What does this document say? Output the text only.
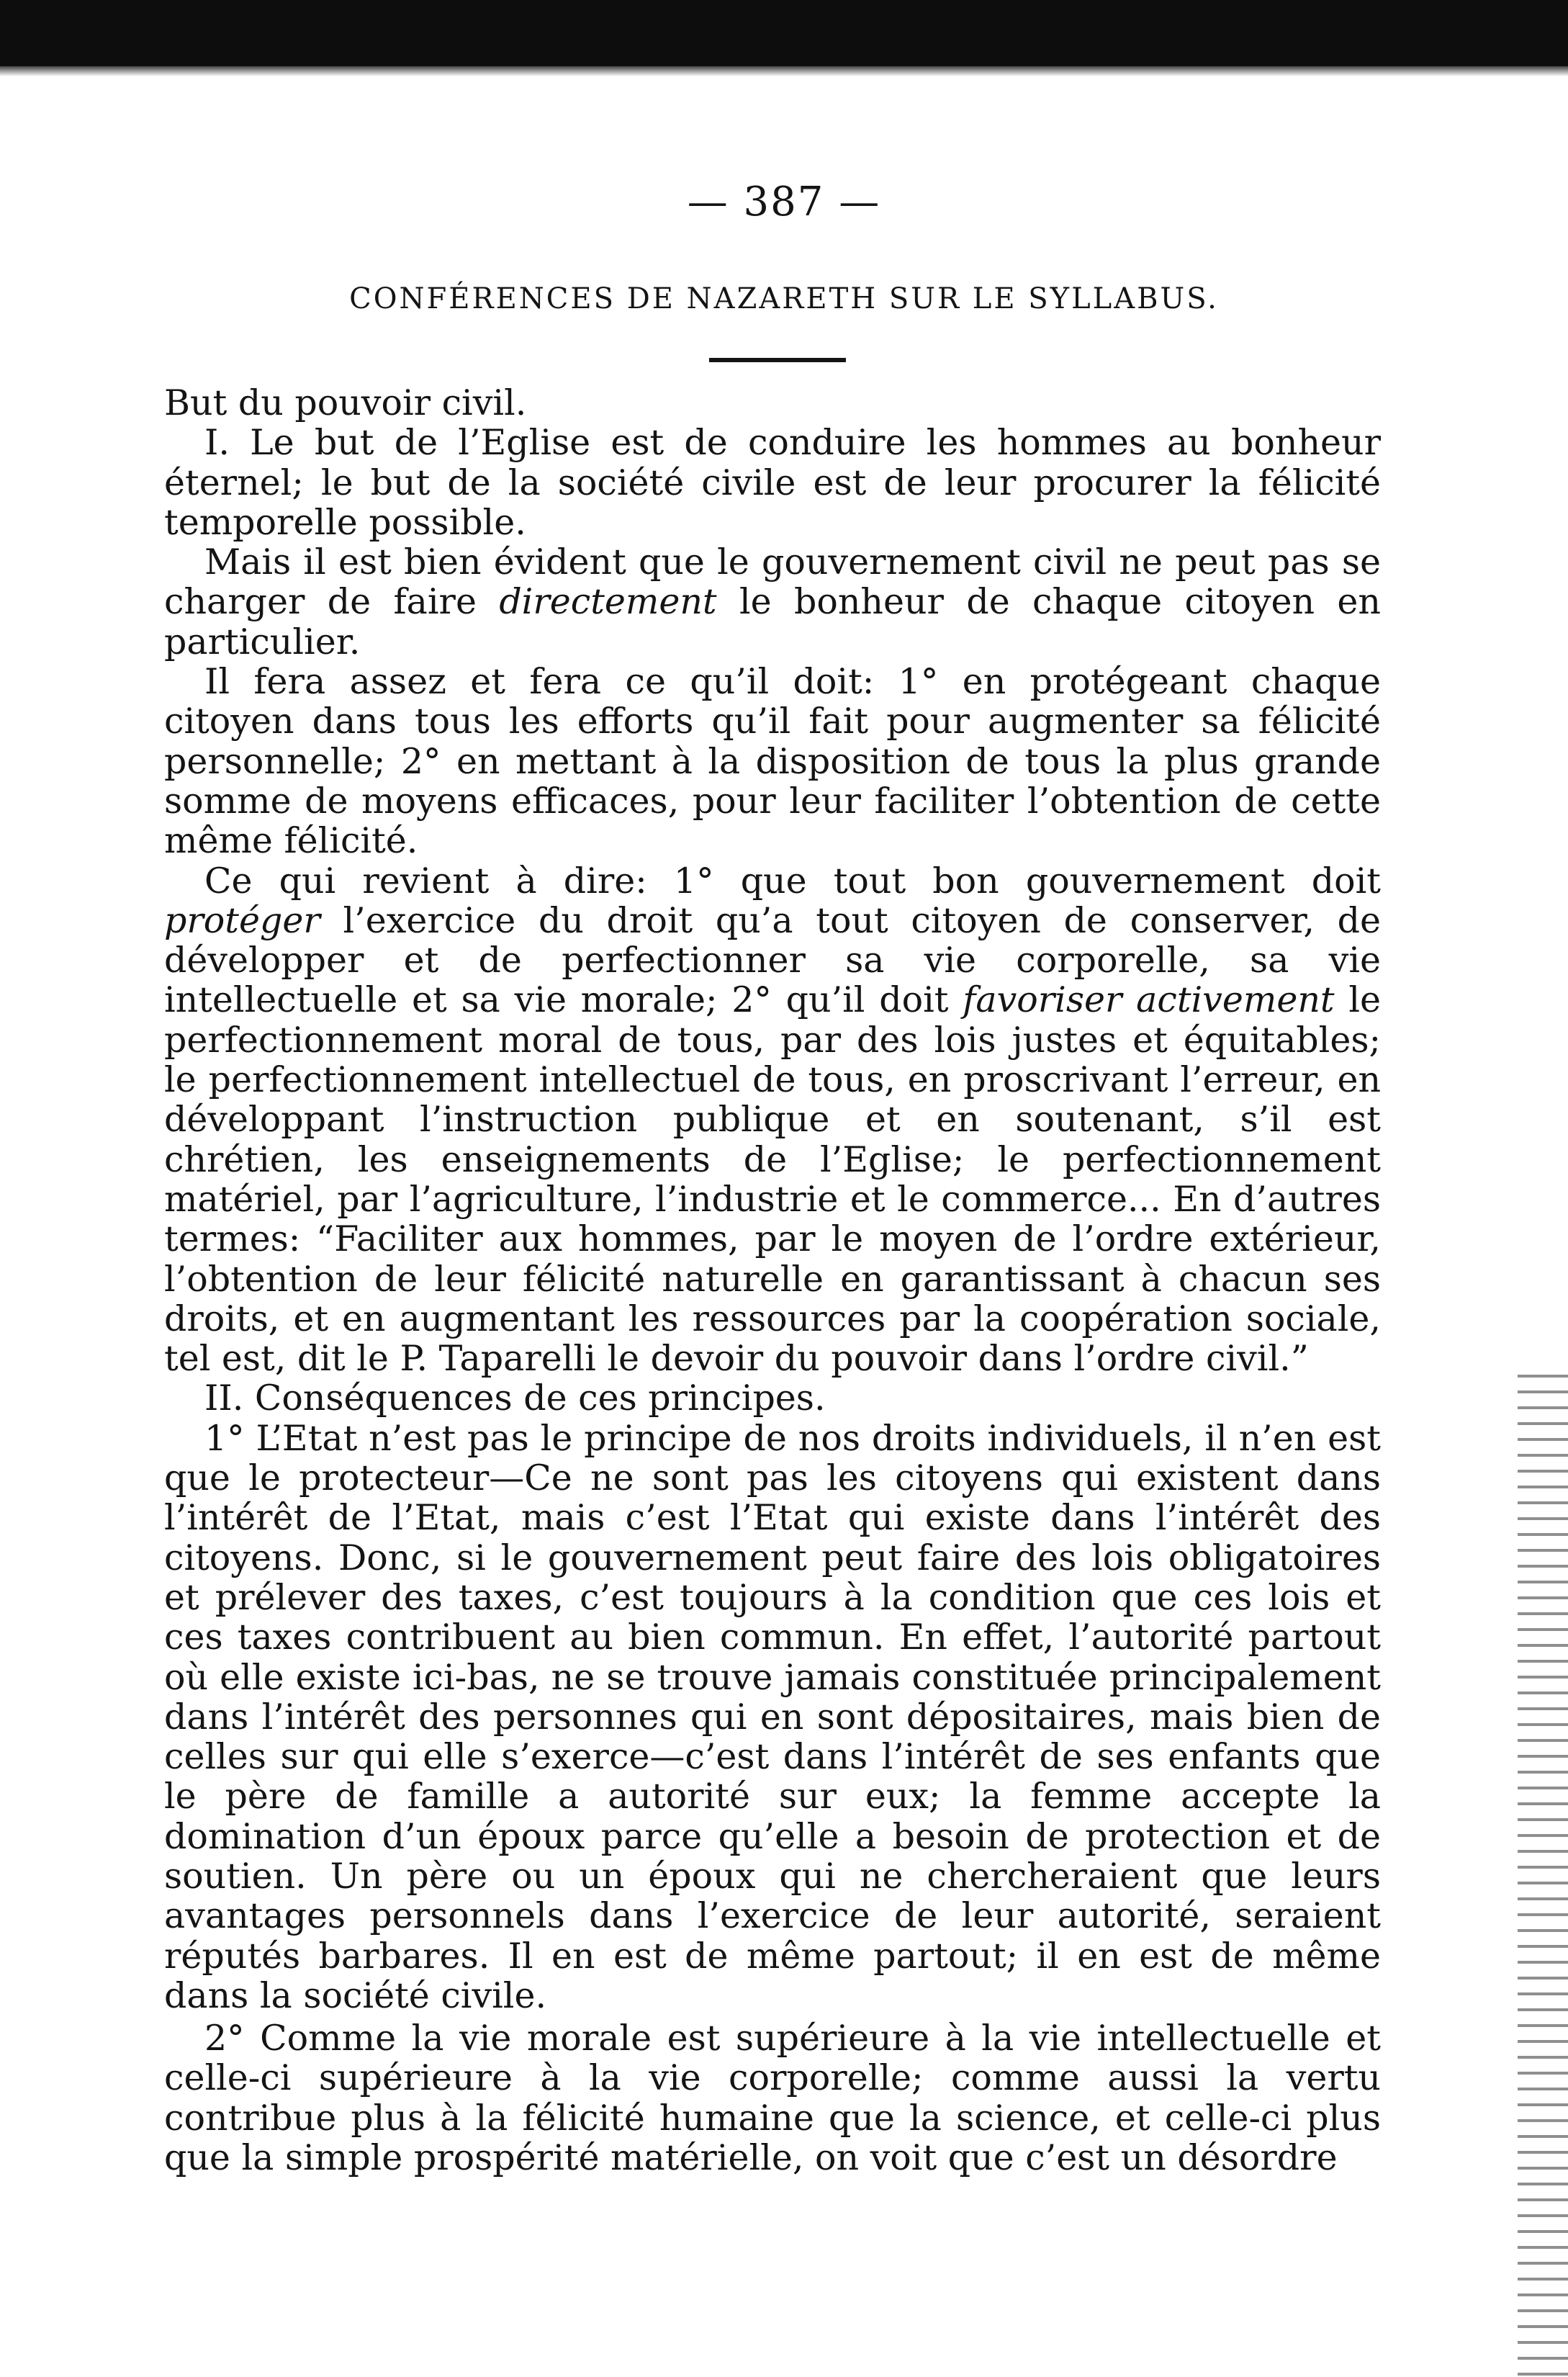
— 387 —
CONFÉRENCES DE NAZARETH SUR LE SYLLABUS.

But du pouvoir civil.

I. Le but de l’Eglise est de conduire les hommes au bonheur éternel; le but de la société civile est de leur procurer la félicité temporelle possible.

Mais il est bien évident que le gouvernement civil ne peut pas se charger de faire directement le bonheur de chaque citoyen en particulier.

Il fera assez et fera ce qu’il doit: 1° en protégeant chaque citoyen dans tous les efforts qu’il fait pour augmenter sa félicité personnelle; 2° en mettant à la disposition de tous la plus grande somme de moyens efficaces, pour leur faciliter l’obtention de cette même félicité.

Ce qui revient à dire: 1° que tout bon gouvernement doit protéger l’exercice du droit qu’a tout citoyen de conserver, de développer et de perfectionner sa vie corporelle, sa vie intellectuelle et sa vie morale; 2° qu’il doit favoriser activement le perfectionnement moral de tous, par des lois justes et équitables; le perfectionnement intellectuel de tous, en proscrivant l’erreur, en développant l’instruction publique et en soutenant, s’il est chrétien, les enseignements de l’Eglise; le perfectionnement matériel, par l’agriculture, l’industrie et le commerce... En d’autres termes: “Faciliter aux hommes, par le moyen de l’ordre extérieur, l’obtention de leur félicité naturelle en garantissant à chacun ses droits, et en augmentant les ressources par la coopération sociale, tel est, dit le P. Taparelli le devoir du pouvoir dans l’ordre civil.”

II. Conséquences de ces principes.

1° L’Etat n’est pas le principe de nos droits individuels, il n’en est que le protecteur—Ce ne sont pas les citoyens qui existent dans l’intérêt de l’Etat, mais c’est l’Etat qui existe dans l’intérêt des citoyens. Donc, si le gouvernement peut faire des lois obligatoires et prélever des taxes, c’est toujours à la condition que ces lois et ces taxes contribuent au bien commun. En effet, l’autorité partout où elle existe ici-bas, ne se trouve jamais constituée principalement dans l’intérêt des personnes qui en sont dépositaires, mais bien de celles sur qui elle s’exerce—c’est dans l’intérêt de ses enfants que le père de famille a autorité sur eux; la femme accepte la domination d’un époux parce qu’elle a besoin de protection et de soutien. Un père ou un époux qui ne chercheraient que leurs avantages personnels dans l’exercice de leur autorité, seraient réputés barbares. Il en est de même partout; il en est de même dans la société civile.

2° Comme la vie morale est supérieure à la vie intellectuelle et celle-ci supérieure à la vie corporelle; comme aussi la vertu contribue plus à la félicité humaine que la science, et celle-ci plus que la simple prospérité matérielle, on voit que c’est un désordre
